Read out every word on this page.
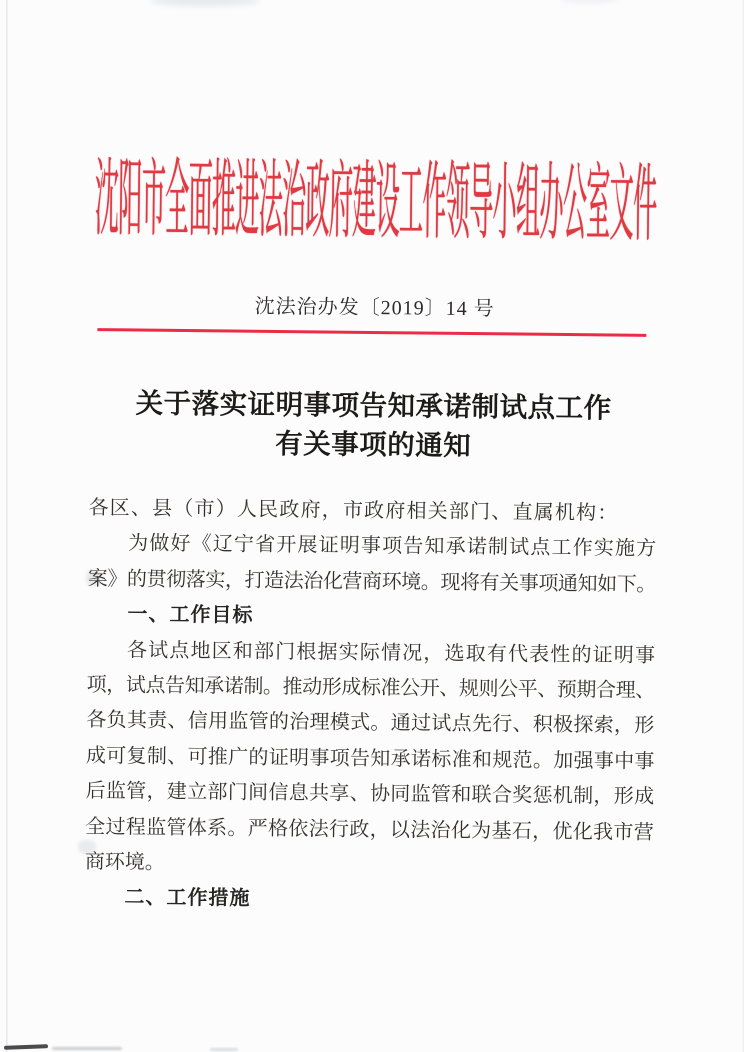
沈阳市全面推进法治政府建设工作领导小组办公室文件
沈法治办发〔2019〕14 号
关于落实证明事项告知承诺制试点工作
有关事项的通知
各区、县（市）人民政府，市政府相关部门、直属机构：
为做好《辽宁省开展证明事项告知承诺制试点工作实施方
案》的贯彻落实，打造法治化营商环境。现将有关事项通知如下。
一、工作目标
各试点地区和部门根据实际情况，选取有代表性的证明事
项，试点告知承诺制。推动形成标准公开、规则公平、预期合理、
各负其责、信用监管的治理模式。通过试点先行、积极探索，形
成可复制、可推广的证明事项告知承诺标准和规范。加强事中事
后监管，建立部门间信息共享、协同监管和联合奖惩机制，形成
全过程监管体系。严格依法行政，以法治化为基石，优化我市营
商环境。
二、工作措施
